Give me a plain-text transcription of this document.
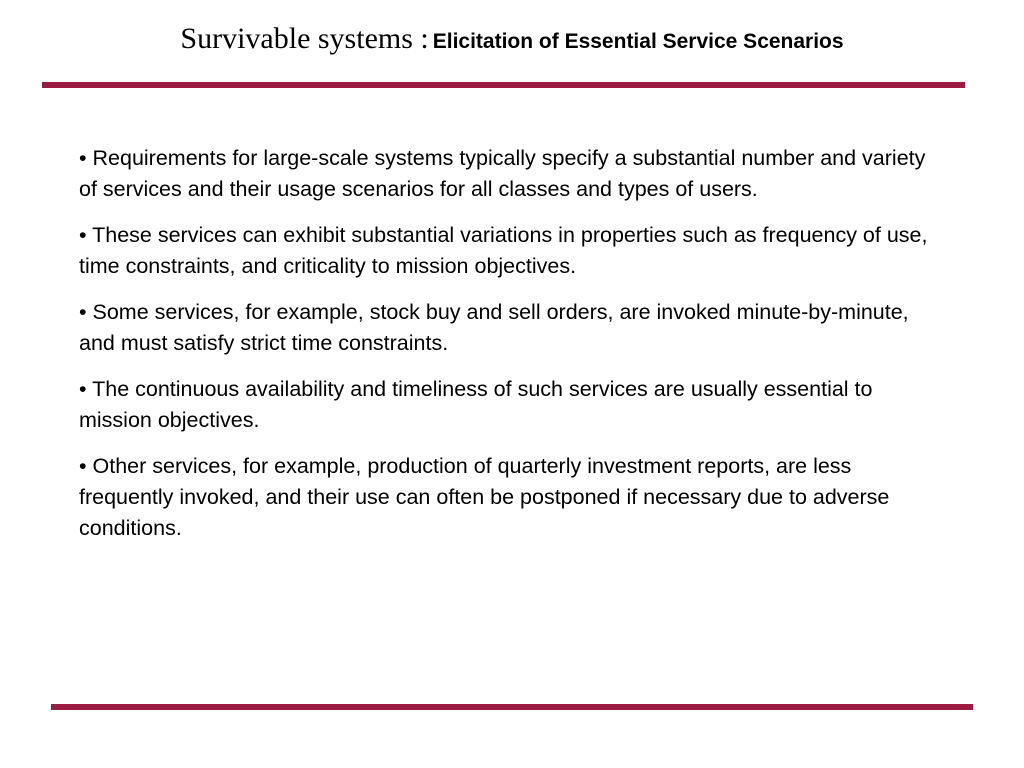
Survivable systems : Elicitation of Essential Service Scenarios

• Requirements for large-scale systems typically specify a substantial number and variety of services and their usage scenarios for all classes and types of users.

• These services can exhibit substantial variations in properties such as frequency of use, time constraints, and criticality to mission objectives.

• Some services, for example, stock buy and sell orders, are invoked minute-by-minute, and must satisfy strict time constraints.

• The continuous availability and timeliness of such services are usually essential to mission objectives.

• Other services, for example, production of quarterly investment reports, are less frequently invoked, and their use can often be postponed if necessary due to adverse conditions.
